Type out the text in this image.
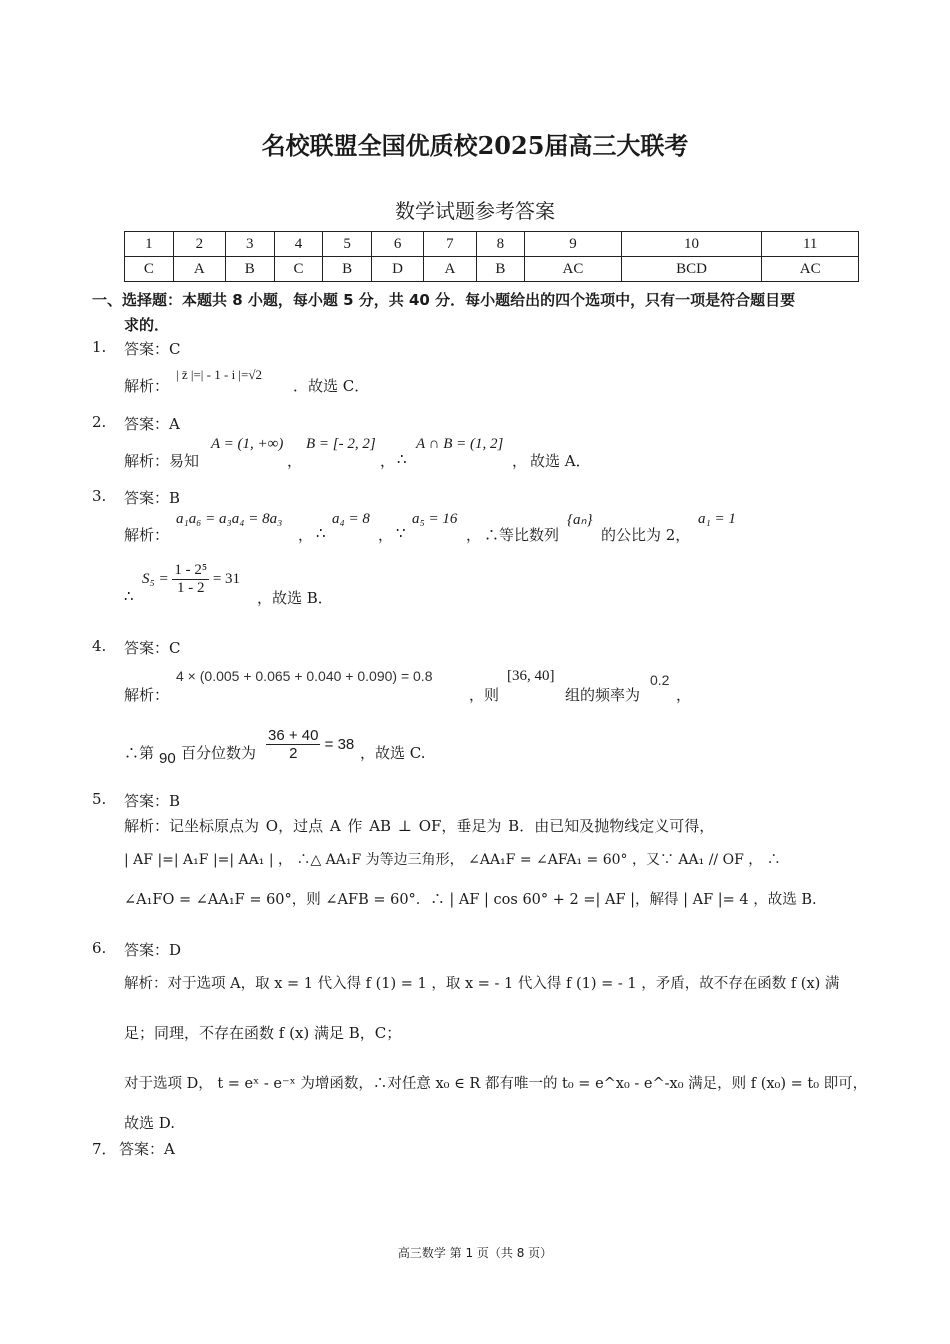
名校联盟全国优质校2025届高三大联考
数学试题参考答案
1	2	3	4	5	6	7	8	9	10	11
C	A	B	C	B	D	A	B	AC	BCD	AC
一、选择题：本题共 8 小题，每小题 5 分，共 40 分．每小题给出的四个选项中，只有一项是符合题目要
求的．
1. 答案：C
解析：
| z̄ |=| - 1 - i |=√2
．故选 C．
2. 答案：A
解析：易知
A = (1, +∞)
，
B = [- 2, 2]
， ∴
A ∩ B = (1, 2]
， 故选 A．
3. 答案：B
解析：
a₁a₆ = a₃a₄ = 8a₃
， ∴
a₄ = 8
， ∵
a₅ = 16
， ∴等比数列
{aₙ}
的公比为 2，
a₁ = 1
∴
$S_5 = \frac{\text{1 - 2⁵}}{1 - 2} = 31$
，故选 B．
4. 答案：C
解析：
4 × (0.005 + 0.065 + 0.040 + 0.090) = 0.8
，则
[36, 40]
组的频率为
0.2
，
∴第 90 百分位数为 $\frac{36 + 40}{2} = 38$ ，故选 C.
5. 答案：B
解析：记坐标原点为 O，过点 A 作 AB ⊥ OF，垂足为 B．由已知及抛物线定义可得，
| AF |=| A₁F |=| AA₁ | ， ∴△ AA₁F 为等边三角形， ∠AA₁F = ∠AFA₁ = 60° ，又∵ AA₁ // OF ， ∴
∠A₁FO = ∠AA₁F = 60°，则 ∠AFB = 60°．∴ | AF | cos 60° + 2 =| AF |，解得 | AF |= 4 ，故选 B.
6. 答案：D
解析：对于选项 A，取 x = 1 代入得 f (1) = 1 ，取 x = - 1 代入得 f (1) = - 1 ，矛盾，故不存在函数 f (x) 满
足；同理，不存在函数 f (x) 满足 B，C；
对于选项 D， t = eˣ - e⁻ˣ 为增函数，∴对任意 x₀ ∈ R 都有唯一的 t₀ = e^x₀ - e^-x₀ 满足，则 f (x₀) = t₀ 即可，
故选 D.
7． 答案：A
高三数学 第 1 页（共 8 页）
